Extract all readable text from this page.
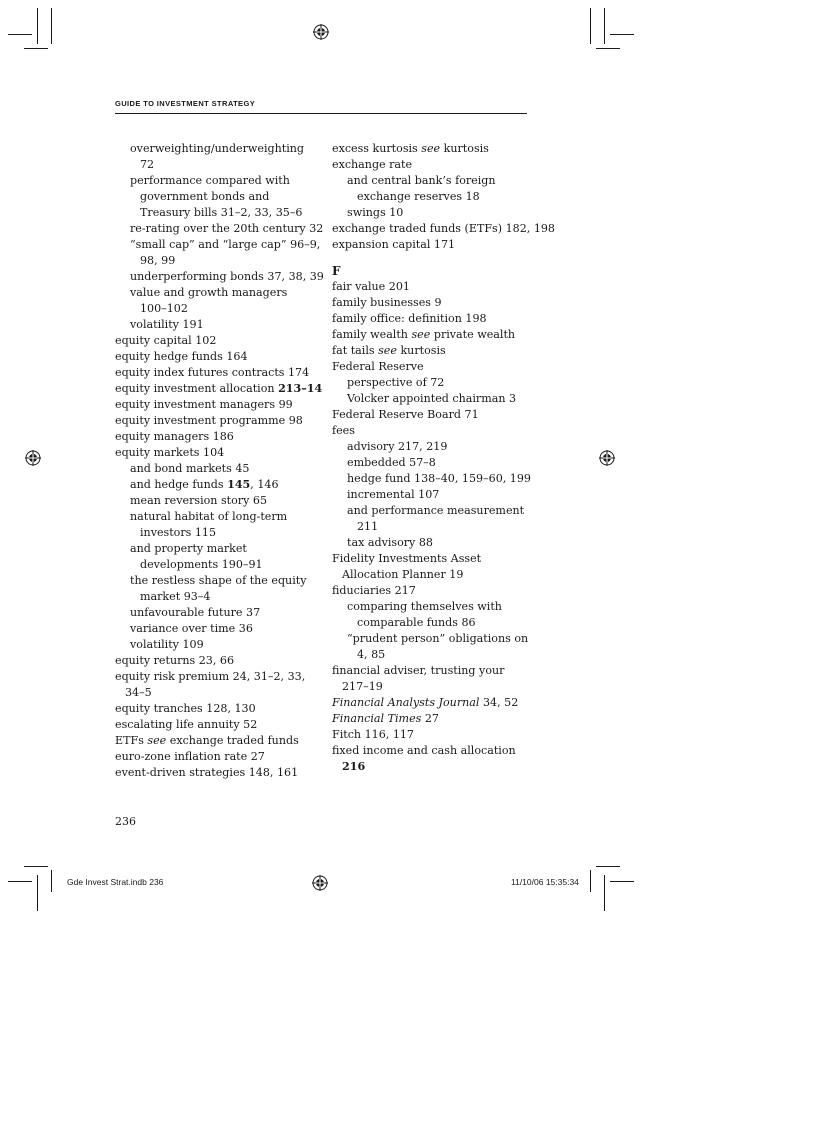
GUIDE TO INVESTMENT STRATEGY
overweighting/underweighting
72
performance compared with
government bonds and
Treasury bills 31–2, 33, 35–6
re-rating over the 20th century 32
“small cap” and “large cap” 96–9,
98, 99
underperforming bonds 37, 38, 39
value and growth managers
100–102
volatility 191
equity capital 102
equity hedge funds 164
equity index futures contracts 174
equity investment allocation 213–14
equity investment managers 99
equity investment programme 98
equity managers 186
equity markets 104
and bond markets 45
and hedge funds 145, 146
mean reversion story 65
natural habitat of long-term
investors 115
and property market
developments 190–91
the restless shape of the equity
market 93–4
unfavourable future 37
variance over time 36
volatility 109
equity returns 23, 66
equity risk premium 24, 31–2, 33,
34–5
equity tranches 128, 130
escalating life annuity 52
ETFs see exchange traded funds
euro-zone inflation rate 27
event-driven strategies 148, 161
excess kurtosis see kurtosis
exchange rate
and central bank’s foreign
exchange reserves 18
swings 10
exchange traded funds (ETFs) 182, 198
expansion capital 171
F
fair value 201
family businesses 9
family office: definition 198
family wealth see private wealth
fat tails see kurtosis
Federal Reserve
perspective of 72
Volcker appointed chairman 3
Federal Reserve Board 71
fees
advisory 217, 219
embedded 57–8
hedge fund 138–40, 159–60, 199
incremental 107
and performance measurement
211
tax advisory 88
Fidelity Investments Asset
Allocation Planner 19
fiduciaries 217
comparing themselves with
comparable funds 86
“prudent person” obligations on
4, 85
financial adviser, trusting your
217–19
Financial Analysts Journal 34, 52
Financial Times 27
Fitch 116, 117
fixed income and cash allocation
216
236
Gde Invest Strat.indb 236	11/10/06 15:35:34
